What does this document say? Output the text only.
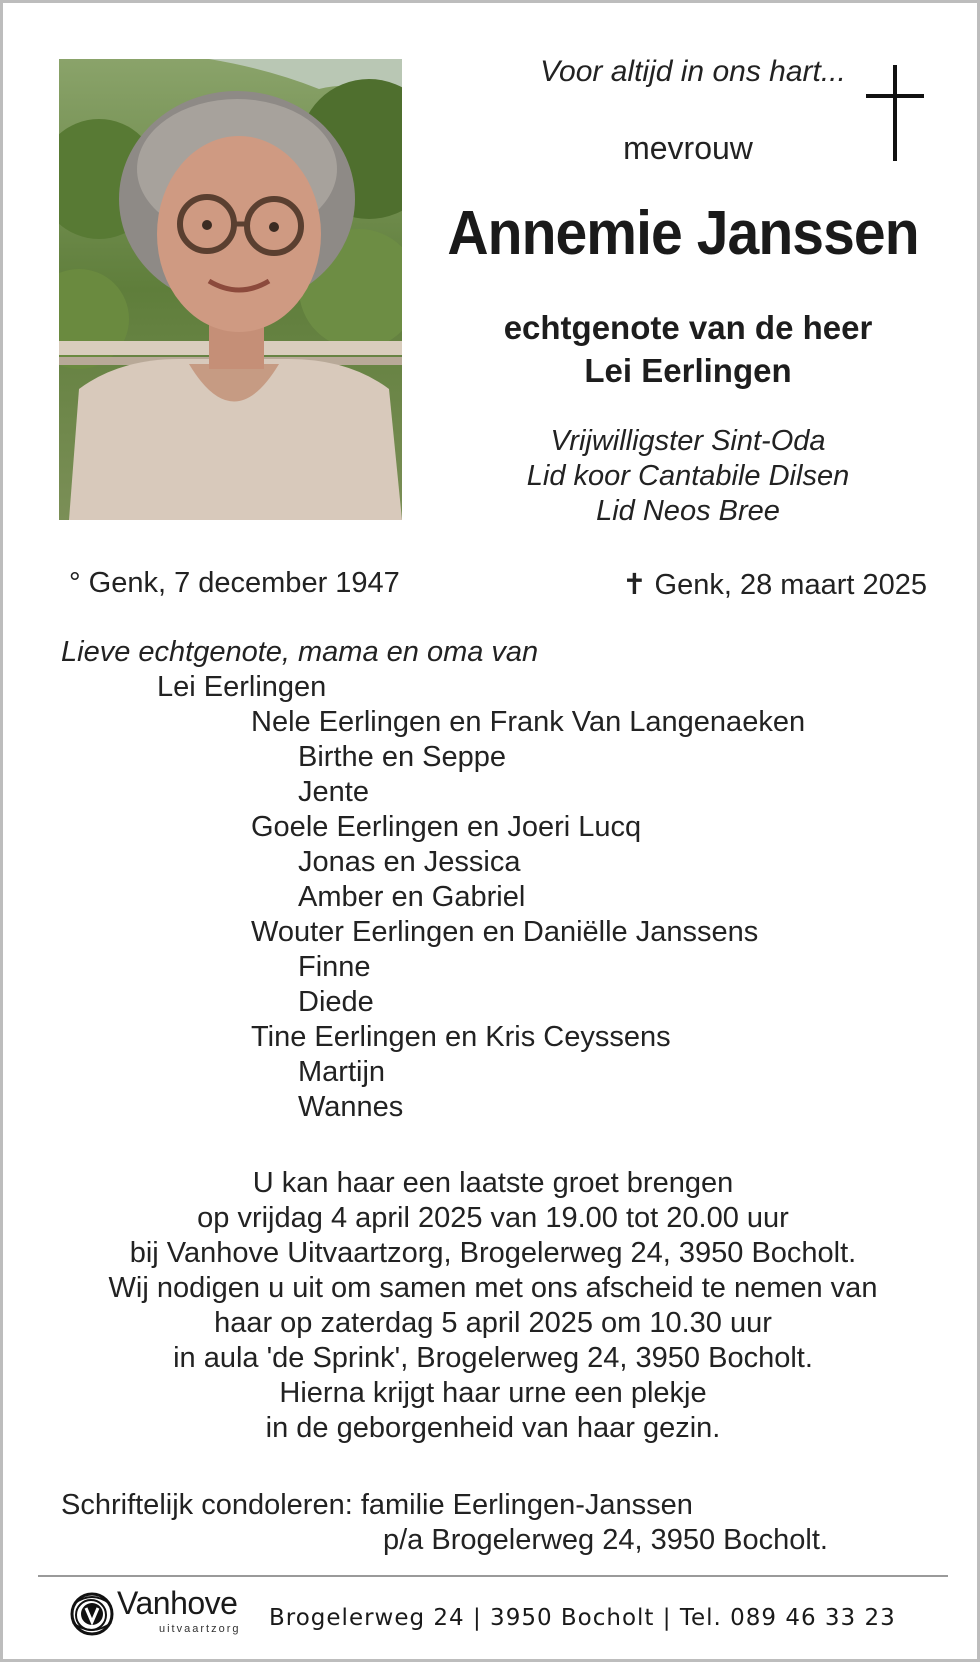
Voor altijd in ons hart...
mevrouw
Annemie Janssen
echtgenote van de heer
Lei Eerlingen
Vrijwilligster Sint-Oda
Lid koor Cantabile Dilsen
Lid Neos Bree
° Genk, 7 december 1947	✝ Genk, 28 maart 2025
Lieve echtgenote, mama en oma van
Lei Eerlingen
Nele Eerlingen en Frank Van Langenaeken
Birthe en Seppe
Jente
Goele Eerlingen en Joeri Lucq
Jonas en Jessica
Amber en Gabriel
Wouter Eerlingen en Daniëlle Janssens
Finne
Diede
Tine Eerlingen en Kris Ceyssens
Martijn
Wannes
U kan haar een laatste groet brengen
op vrijdag 4 april 2025 van 19.00 tot 20.00 uur
bij Vanhove Uitvaartzorg, Brogelerweg 24, 3950 Bocholt.
Wij nodigen u uit om samen met ons afscheid te nemen van
haar op zaterdag 5 april 2025 om 10.30 uur
in aula 'de Sprink', Brogelerweg 24, 3950 Bocholt.
Hierna krijgt haar urne een plekje
in de geborgenheid van haar gezin.
Schriftelijk condoleren: familie Eerlingen-Janssen
p/a Brogelerweg 24, 3950 Bocholt.
Vanhove
uitvaartzorg Brogelerweg 24 | 3950 Bocholt | Tel. 089 46 33 23
